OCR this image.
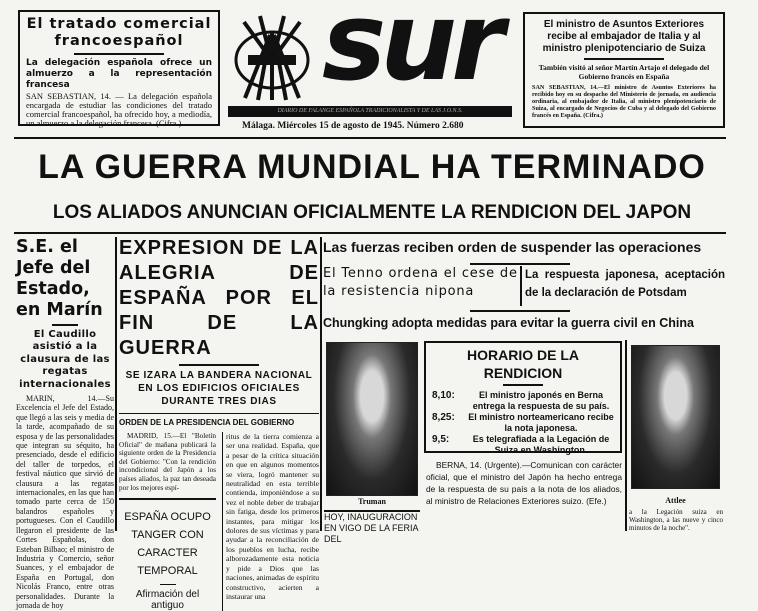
El tratado comercial francoespañol
La delegación española ofrece un almuerzo a la representación francesa
SAN SEBASTIAN, 14. — La delegación española encargada de estudiar las condiciones del tratado comercial francoespañol, ha ofrecido hoy, a mediodía, un almuerzo a la delegación francesa. (Cifra.)
sur
DIARIO DE FALANGE ESPAÑOLA TRADICIONALISTA Y DE LAS J.O.N.S.
Málaga. Miércoles 15 de agosto de 1945. Número 2.680
El ministro de Asuntos Exteriores recibe al embajador de Italia y al ministro plenipotenciario de Suiza
También visitó al señor Martín Artajo el delegado del Gobierno francés en España
SAN SEBASTIAN, 14.—El ministro de Asuntos Exteriores ha recibido hoy en su despacho del Ministerio de jornada, en audiencia ordinaria, al embajador de Italia, al ministro plenipotenciario de Suiza, al encargado de Negocios de Cuba y al delegado del Gobierno francés en España. (Cifra.)
LA GUERRA MUNDIAL HA TERMINADO
LOS ALIADOS ANUNCIAN OFICIALMENTE LA RENDICION DEL JAPON
S.E. el Jefe del Estado, en Marín
El Caudillo asistió a la clausura de las regatas internacionales
MARIN, 14.—Su Excelencia el Jefe del Estado, que llegó a las seis y media de la tarde, acompañado de su esposa y de las personalidades que integran su séquito, ha presenciado, desde el edificio del taller de torpedos, el festival náutico que sirvió de clausura a las regatas internacionales, en las que han tomado parte cerca de 150 balandros españoles y portugueses. Con el Caudillo llegaron el presidente de las Cortes Españolas, don Esteban Bilbao; el ministro de Industria y Comercio, señor Suances, y el embajador de España en Portugal, don Nicolás Franco, entre otras personalidades. Durante la jornada de hoy
EXPRESION DE LA ALEGRIA DE ESPAÑA POR EL FIN DE LA GUERRA
SE IZARA LA BANDERA NACIONAL EN LOS EDIFICIOS OFICIALES DURANTE TRES DIAS
ORDEN DE LA PRESIDENCIA DEL GOBIERNO
MADRID, 15.—El "Boletín Oficial" de mañana publicará la siguiente orden de la Presidencia del Gobierno: "Con la rendición incondicional del Japón a los países aliados, la paz tan deseada por los mejores espí-
ESPAÑA OCUPO TANGER CON CARACTER TEMPORAL
Afirmación del antiguo
ritus de la tierra comienza a ser una realidad. España, que a pesar de la crítica situación en que en algunos momentos se viera, logró mantener su neutralidad en esta terrible contienda, imponiéndose a su vez el noble deber de trabajar sin fatiga, desde los primeros instantes, para mitigar los dolores de sus víctimas y para ayudar a la reconciliación de los pueblos en lucha, recibe alborozadamente esta noticia y pide a Dios que las naciones, animadas de espíritu constructivo, acierten a instaurar una
Las fuerzas reciben orden de suspender las operaciones
El Tenno ordena el cese de la resistencia nipona
La respuesta japonesa, aceptación de la declaración de Potsdam
Chungking adopta medidas para evitar la guerra civil en China
Truman
HOY, INAUGURACION EN VIGO DE LA FERIA DEL
HORARIO DE LA RENDICION
8,10:	El ministro japonés en Berna entrega la respuesta de su país.
8,25:	El ministro norteamericano recibe la nota japonesa.
9,5:	Es telegrafiada a la Legación de Suiza en Washington.
BERNA, 14. (Urgente).—Comunican con carácter oficial, que el ministro del Japón ha hecho entrega de la respuesta de su país a la nota de los aliados, al ministro de Relaciones Exteriores suizo. (Efe.)	Attlee
a la Legación suiza en Washington, a las nueve y cinco minutos de la noche".
